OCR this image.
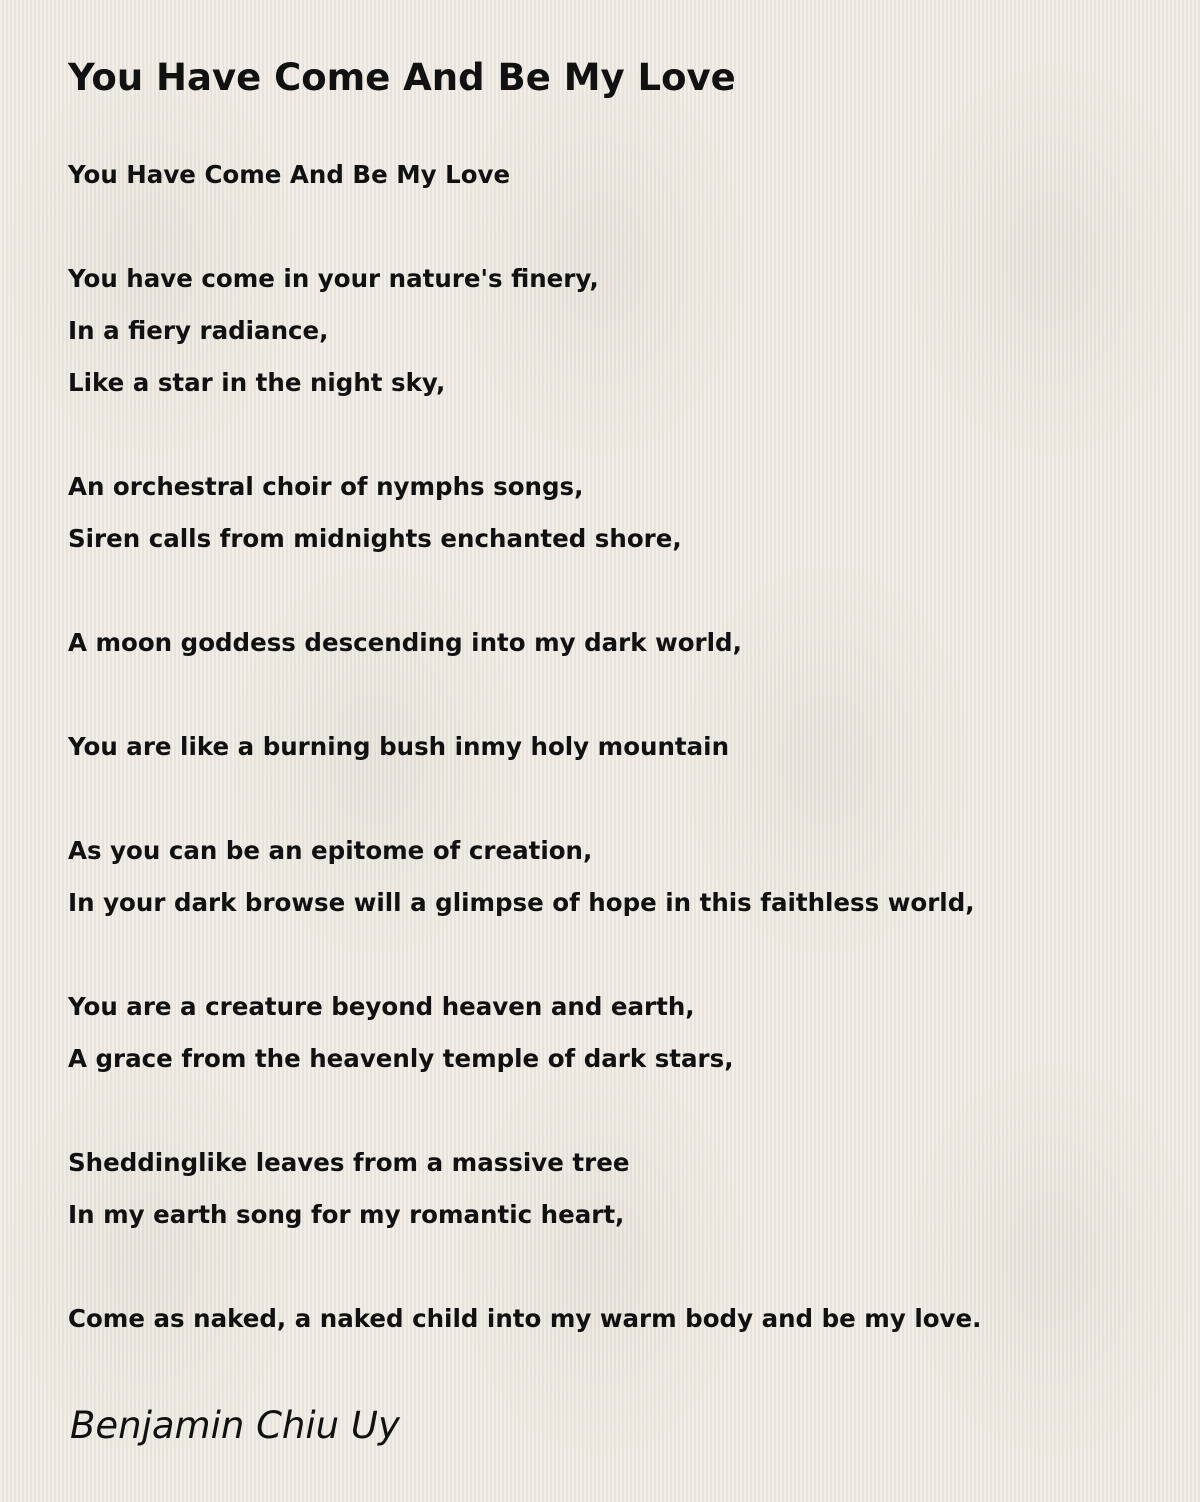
You Have Come And Be My Love
You Have Come And Be My Love
You have come in your nature's finery,
In a fiery radiance,
Like a star in the night sky,
An orchestral choir of nymphs songs,
Siren calls from midnights enchanted shore,
A moon goddess descending into my dark world,
You are like a burning bush inmy holy mountain
As you can be an epitome of creation,
In your dark browse will a glimpse of hope in this faithless world,
You are a creature beyond heaven and earth,
A grace from the heavenly temple of dark stars,
Sheddinglike leaves from a massive tree
In my earth song for my romantic heart,
Come as naked, a naked child into my warm body and be my love.
Benjamin Chiu Uy
